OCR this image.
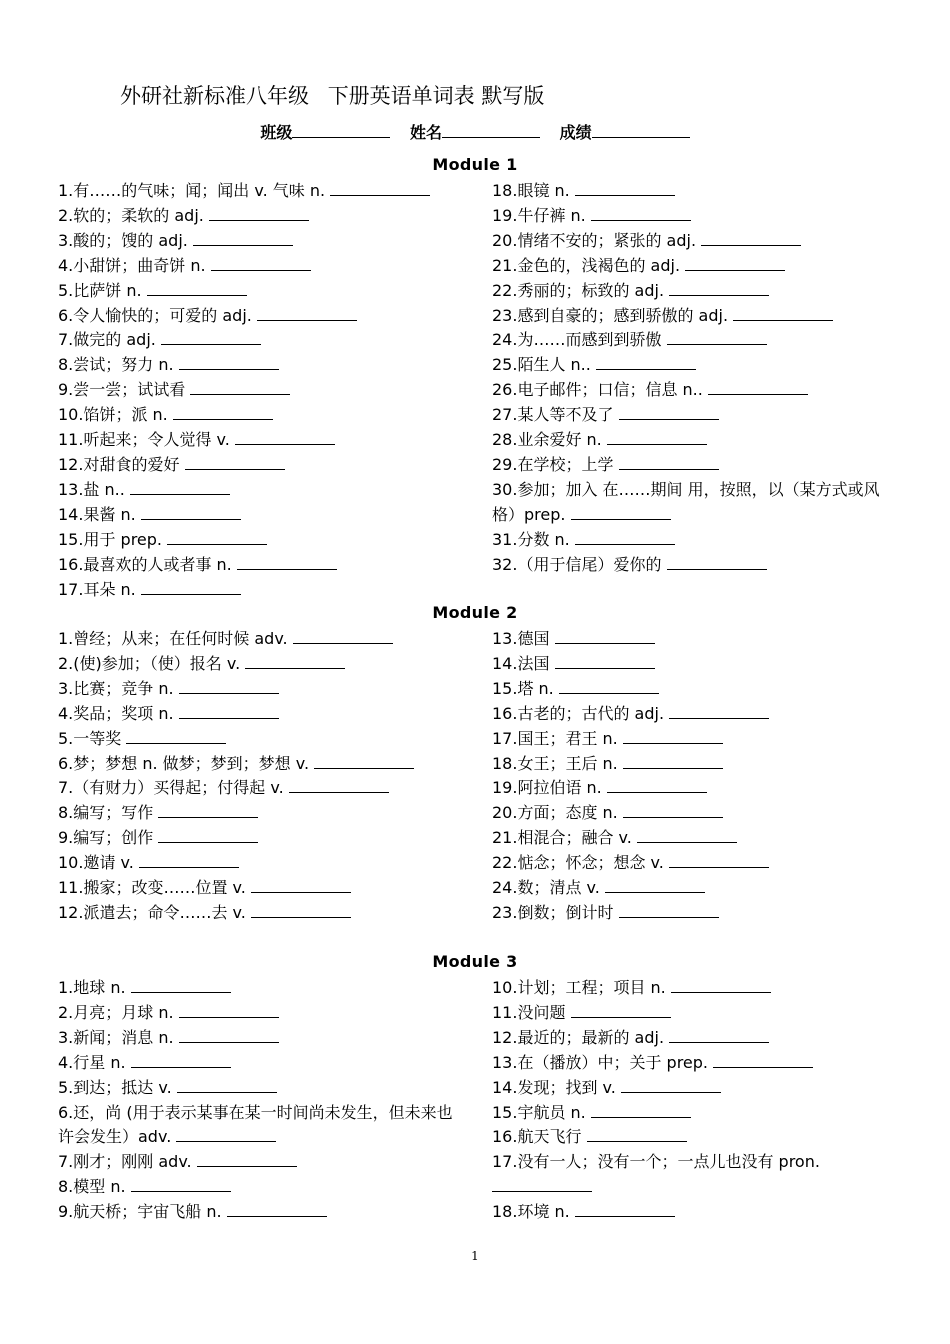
外研社新标准八年级 下册英语单词表 默写版
班级	姓名	成绩
Module 1
1.有……的气味；闻；闻出 v. 气味 n.
2.软的；柔软的 adj.
3.酸的；馊的 adj.
4.小甜饼；曲奇饼 n.
5.比萨饼 n.
6.令人愉快的；可爱的 adj.
7.做完的 adj.
8.尝试；努力 n.
9.尝一尝；试试看
10.馅饼；派 n.
11.听起来；令人觉得 v.
12.对甜食的爱好
13.盐 n..
14.果酱 n.
15.用于 prep.
16.最喜欢的人或者事 n.
17.耳朵 n.
18.眼镜 n.
19.牛仔裤 n.
20.情绪不安的；紧张的 adj.
21.金色的，浅褐色的 adj.
22.秀丽的；标致的 adj.
23.感到自豪的；感到骄傲的 adj.
24.为……而感到到骄傲
25.陌生人 n..
26.电子邮件；口信；信息 n..
27.某人等不及了
28.业余爱好 n.
29.在学校；上学
30.参加；加入 在……期间 用，按照，以（某方式或风格）prep.
31.分数 n.
32.（用于信尾）爱你的
Module 2
1.曾经；从来；在任何时候 adv.
2.(使)参加；（使）报名 v.
3.比赛；竞争 n.
4.奖品；奖项 n.
5.一等奖
6.梦；梦想 n. 做梦；梦到；梦想 v.
7.（有财力）买得起；付得起 v.
8.编写；写作
9.编写；创作
10.邀请 v.
11.搬家；改变……位置 v.
12.派遣去；命令……去 v.
13.德国
14.法国
15.塔 n.
16.古老的；古代的 adj.
17.国王；君王 n.
18.女王；王后 n.
19.阿拉伯语 n.
20.方面；态度 n.
21.相混合；融合 v.
22.惦念；怀念；想念 v.
24.数；清点 v.
23.倒数；倒计时
Module 3
1.地球 n.
2.月亮；月球 n.
3.新闻；消息 n.
4.行星 n.
5.到达；抵达 v.
6.还，尚 (用于表示某事在某一时间尚未发生，但未来也许会发生）adv.
7.刚才；刚刚 adv.
8.模型 n.
9.航天桥；宇宙飞船 n.
10.计划；工程；项目 n.
11.没问题
12.最近的；最新的 adj.
13.在（播放）中；关于 prep.
14.发现；找到 v.
15.宇航员 n.
16.航天飞行
17.没有一人；没有一个；一点儿也没有 pron.
18.环境 n.
1
